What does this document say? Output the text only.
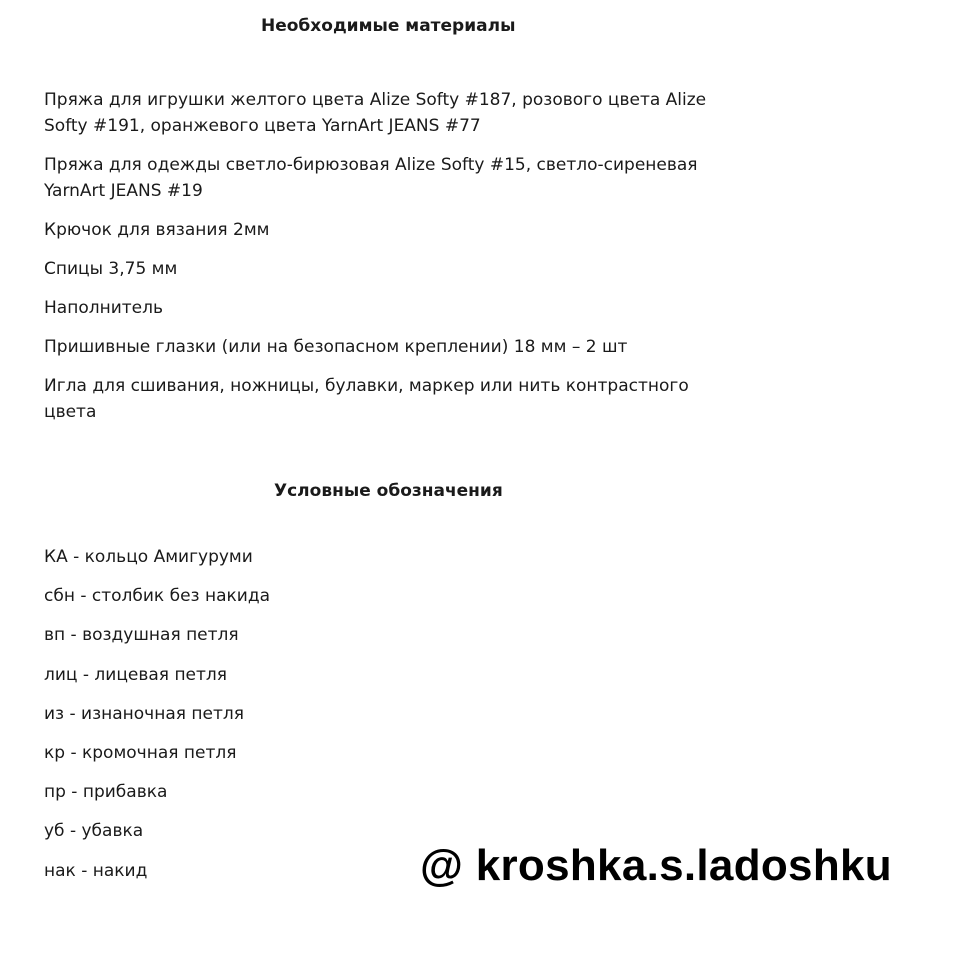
Необходимые материалы
Пряжа для игрушки желтого цвета Alize Softy #187, розового цвета Alize Softy #191, оранжевого цвета YarnArt JEANS #77
Пряжа для одежды светло-бирюзовая Alize Softy #15, светло-сиреневая YarnArt JEANS #19
Крючок для вязания 2мм
Спицы 3,75 мм
Наполнитель
Пришивные глазки (или на безопасном креплении) 18 мм – 2 шт
Игла для сшивания, ножницы, булавки, маркер или нить контрастного цвета
Условные обозначения
КА - кольцо Амигуруми
сбн - столбик без накида
вп - воздушная петля
лиц - лицевая петля
из - изнаночная петля
кр - кромочная петля
пр - прибавка
уб - убавка
нак - накид	@ kroshka.s.ladoshku
